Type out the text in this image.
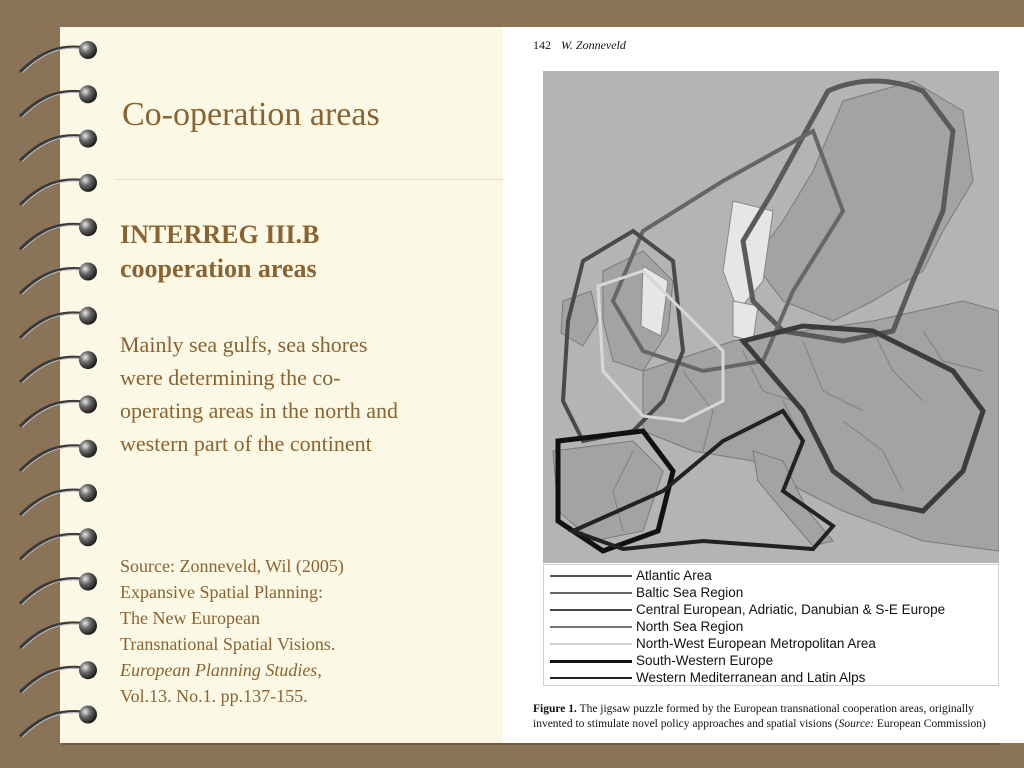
Co-operation areas
INTERREG III.B
cooperation areas

Mainly sea gulfs, sea shores
were determining the co-
operating areas in the north and
western part of the continent

Source: Zonneveld, Wil (2005)
Expansive Spatial Planning:
The New European
Transnational Spatial Visions.
European Planning Studies,
Vol.13. No.1. pp.137-155.

142 W. Zonneveld
Atlantic Area
Baltic Sea Region
Central European, Adriatic, Danubian & S-E Europe
North Sea Region
North-West European Metropolitan Area
South-Western Europe
Western Mediterranean and Latin Alps
Figure 1. The jigsaw puzzle formed by the European transnational cooperation areas, originally invented to stimulate novel policy approaches and spatial visions (Source: European Commission)
